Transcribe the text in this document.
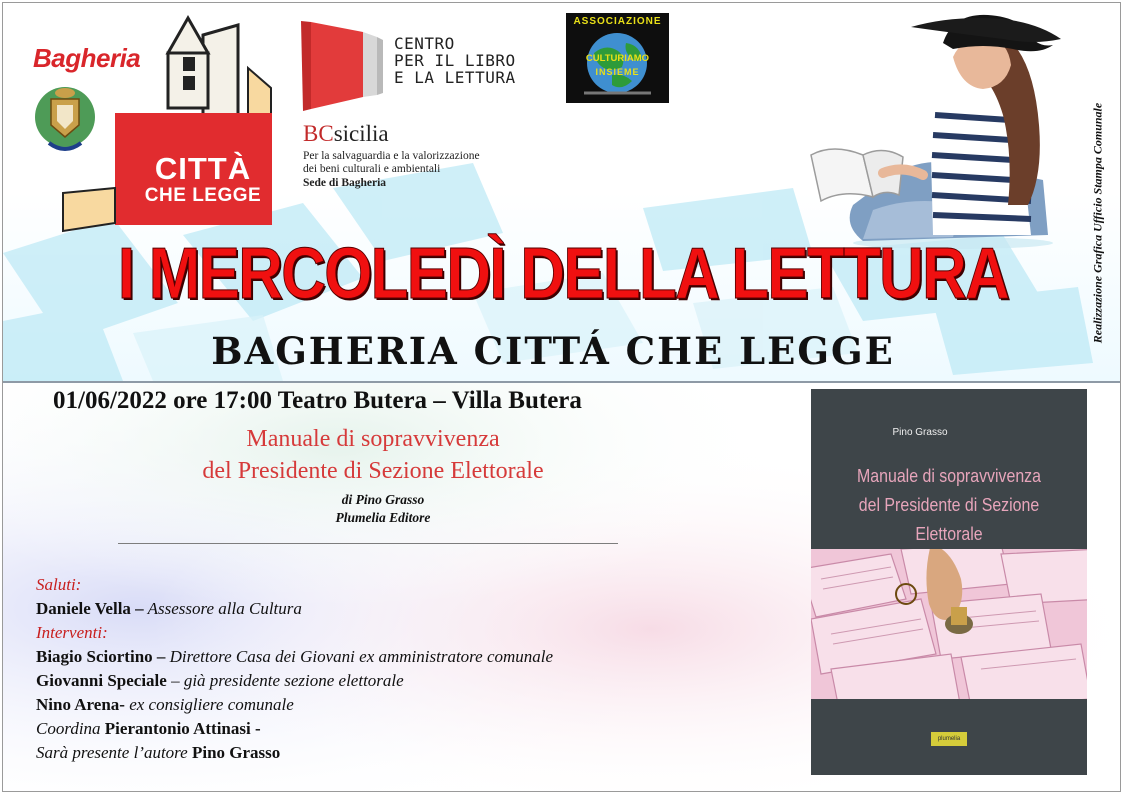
Bagheria
CITTÀ
CHE LEGGE
CENTRO
PER IL LIBRO
E LA LETTURA
BCsicilia
Per la salvaguardia e la valorizzazione
dei beni culturali e ambientali
Sede di Bagheria
ASSOCIAZIONE
CULTURIAMO
INSIEME
I MERCOLEDÌ DELLA LETTURA
BAGHERIA CITTÁ CHE LEGGE
Realizzazione Grafica Ufficio Stampa Comunale
01/06/2022 ore 17:00 Teatro Butera – Villa Butera
Manuale di sopravvivenza
del Presidente di Sezione Elettorale
di Pino Grasso
Plumelia Editore
Saluti:
Daniele Vella – Assessore alla Cultura
Interventi:
Biagio Sciortino – Direttore Casa dei Giovani ex amministratore comunale
Giovanni Speciale – già presidente sezione elettorale
Nino Arena- ex consigliere comunale
Coordina Pierantonio Attinasi -
Sarà presente l’autore Pino Grasso
Pino Grasso
Manuale di sopravvivenza
del Presidente di Sezione Elettorale
plumelia
